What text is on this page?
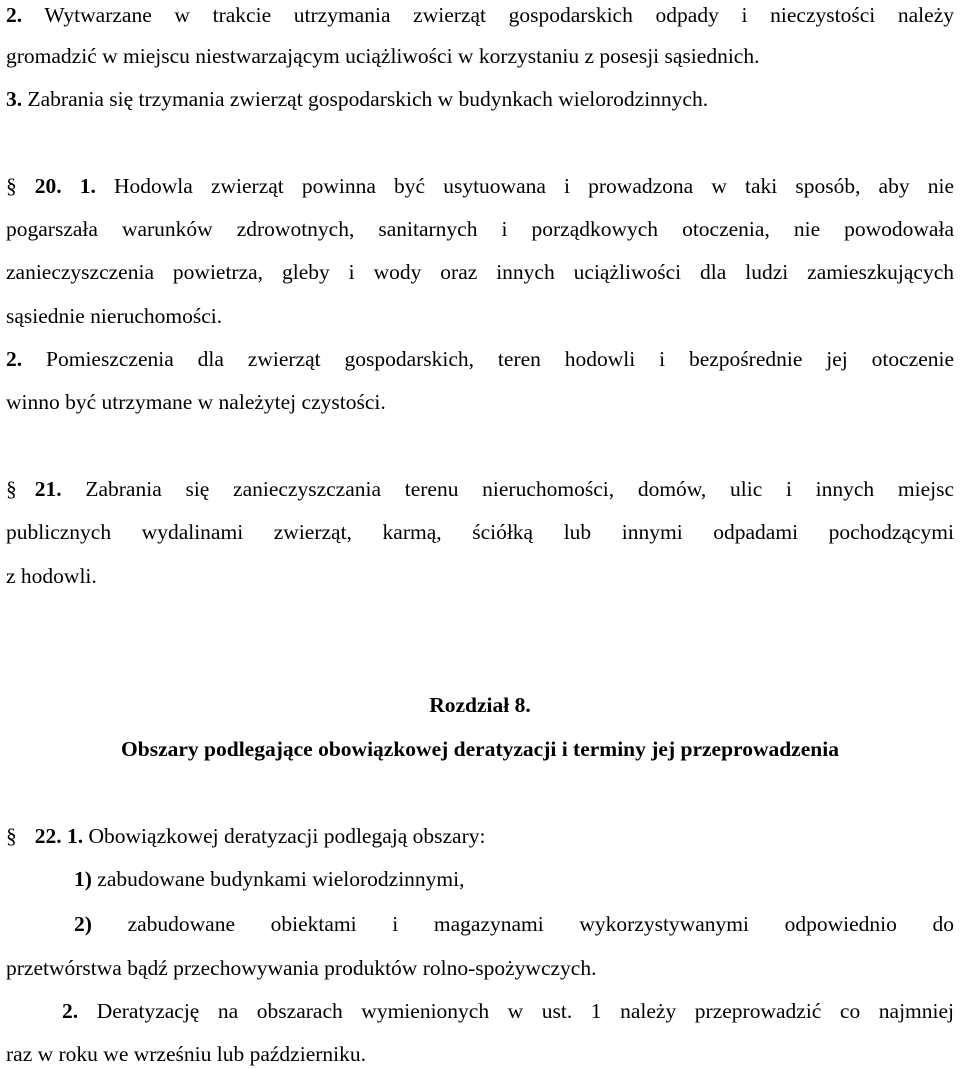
2. Wytwarzane w trakcie utrzymania zwierząt gospodarskich odpady i nieczystości należy
gromadzić w miejscu niestwarzającym uciążliwości w korzystaniu z posesji sąsiednich.
3. Zabrania się trzymania zwierząt gospodarskich w budynkach wielorodzinnych.
§ 20. 1. Hodowla zwierząt powinna być usytuowana i prowadzona w taki sposób, aby nie
pogarszała warunków zdrowotnych, sanitarnych i porządkowych otoczenia, nie powodowała
zanieczyszczenia powietrza, gleby i wody oraz innych uciążliwości dla ludzi zamieszkujących
sąsiednie nieruchomości.
2. Pomieszczenia dla zwierząt gospodarskich, teren hodowli i bezpośrednie jej otoczenie
winno być utrzymane w należytej czystości.
§ 21. Zabrania się zanieczyszczania terenu nieruchomości, domów, ulic i innych miejsc
publicznych wydalinami zwierząt, karmą, ściółką lub innymi odpadami pochodzącymi
z hodowli.
Rozdział 8.
Obszary podlegające obowiązkowej deratyzacji i terminy jej przeprowadzenia
§ 22. 1. Obowiązkowej deratyzacji podlegają obszary:
1) zabudowane budynkami wielorodzinnymi,
2) zabudowane obiektami i magazynami wykorzystywanymi odpowiednio do
przetwórstwa bądź przechowywania produktów rolno-spożywczych.
2. Deratyzację na obszarach wymienionych w ust. 1 należy przeprowadzić co najmniej
raz w roku we wrześniu lub październiku.
